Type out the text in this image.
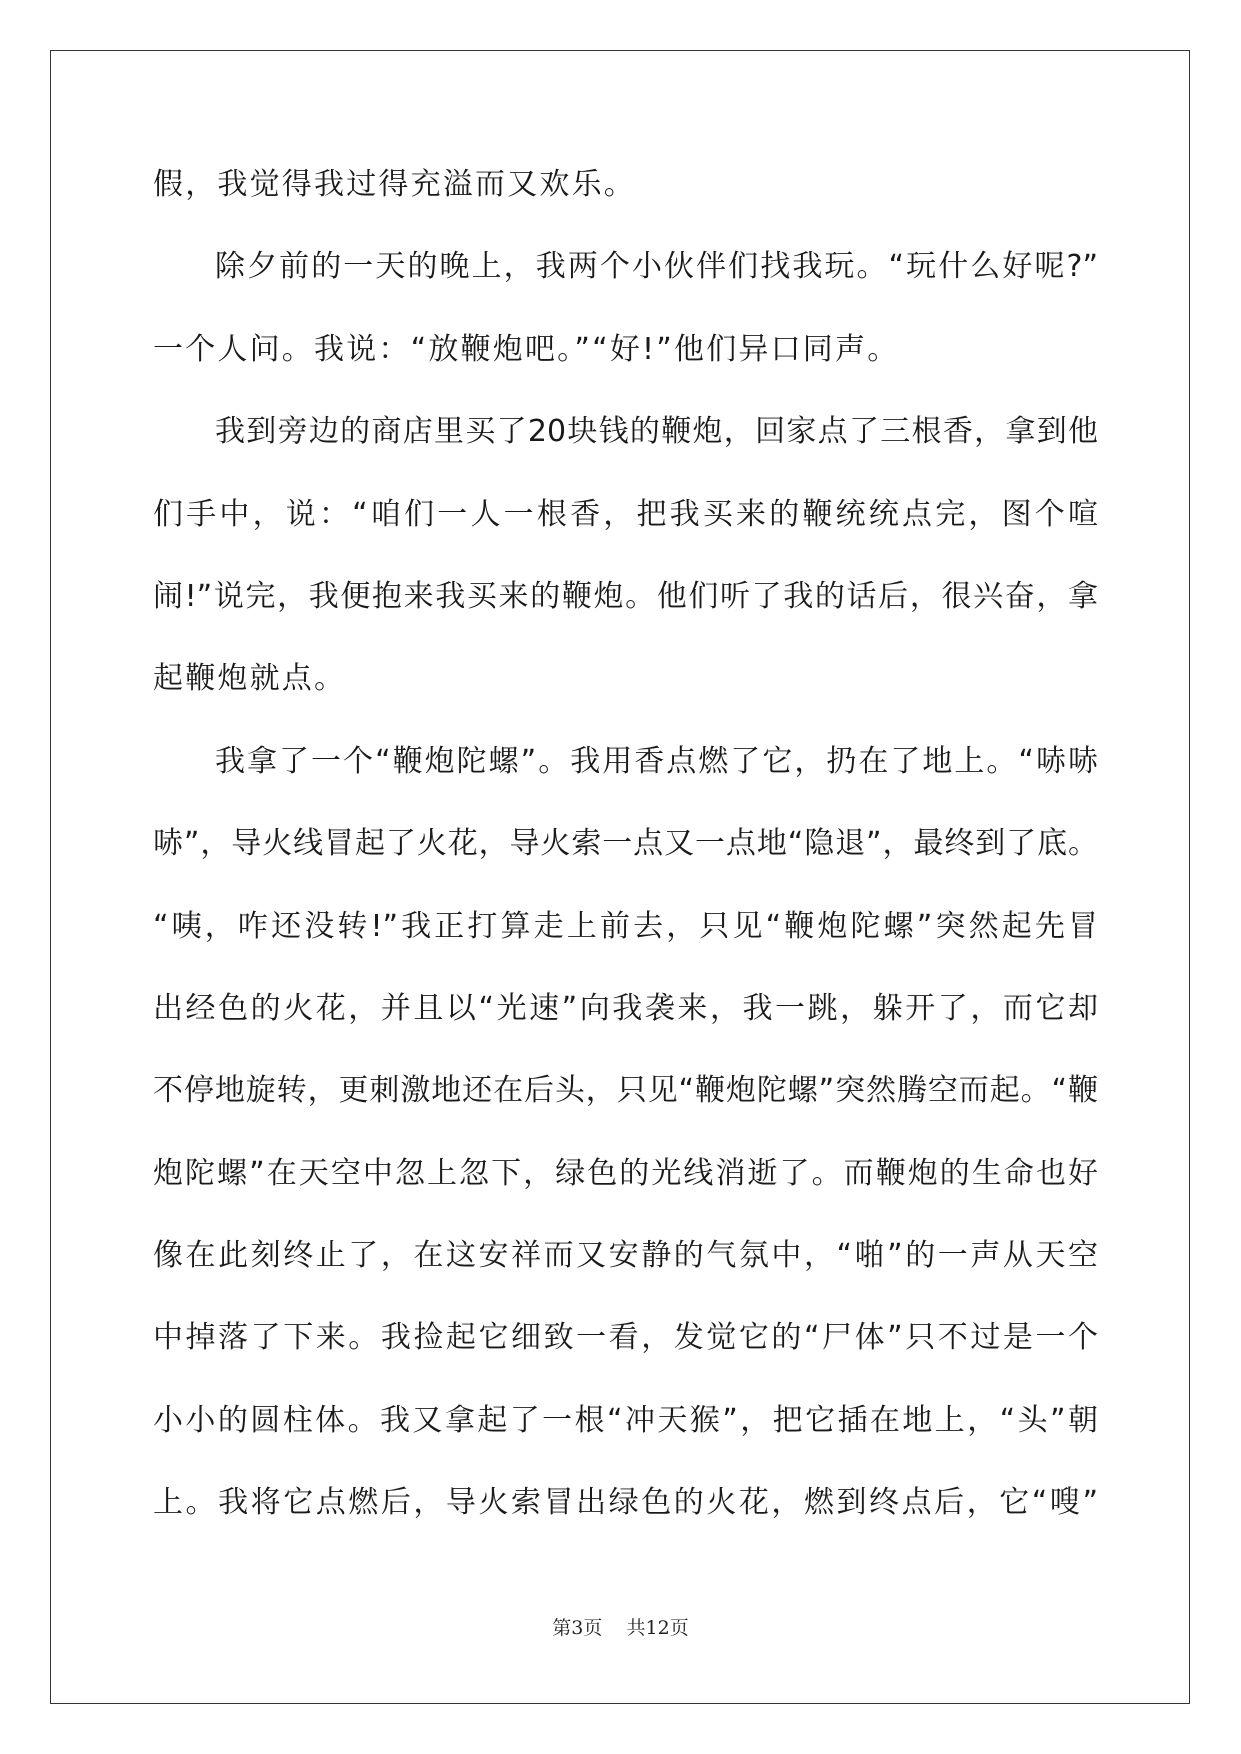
假，我觉得我过得充溢而又欢乐。
除夕前的一天的晚上，我两个小伙伴们找我玩。“玩什么好呢?”
一个人问。我说：“放鞭炮吧。”“好!”他们异口同声。
我到旁边的商店里买了20块钱的鞭炮，回家点了三根香，拿到他
们手中，说：“咱们一人一根香，把我买来的鞭统统点完，图个喧
闹!”说完，我便抱来我买来的鞭炮。他们听了我的话后，很兴奋，拿
起鞭炮就点。
我拿了一个“鞭炮陀螺”。我用香点燃了它，扔在了地上。“哧哧
哧”，导火线冒起了火花，导火索一点又一点地“隐退”，最终到了底。
“咦，咋还没转!”我正打算走上前去，只见“鞭炮陀螺”突然起先冒
出经色的火花，并且以“光速”向我袭来，我一跳，躲开了，而它却
不停地旋转，更刺激地还在后头，只见“鞭炮陀螺”突然腾空而起。“鞭
炮陀螺”在天空中忽上忽下，绿色的光线消逝了。而鞭炮的生命也好
像在此刻终止了，在这安祥而又安静的气氛中，“啪”的一声从天空
中掉落了下来。我捡起它细致一看，发觉它的“尸体”只不过是一个
小小的圆柱体。我又拿起了一根“冲天猴”，把它插在地上，“头”朝
上。我将它点燃后，导火索冒出绿色的火花，燃到终点后，它“嗖”
第3页    共12页
